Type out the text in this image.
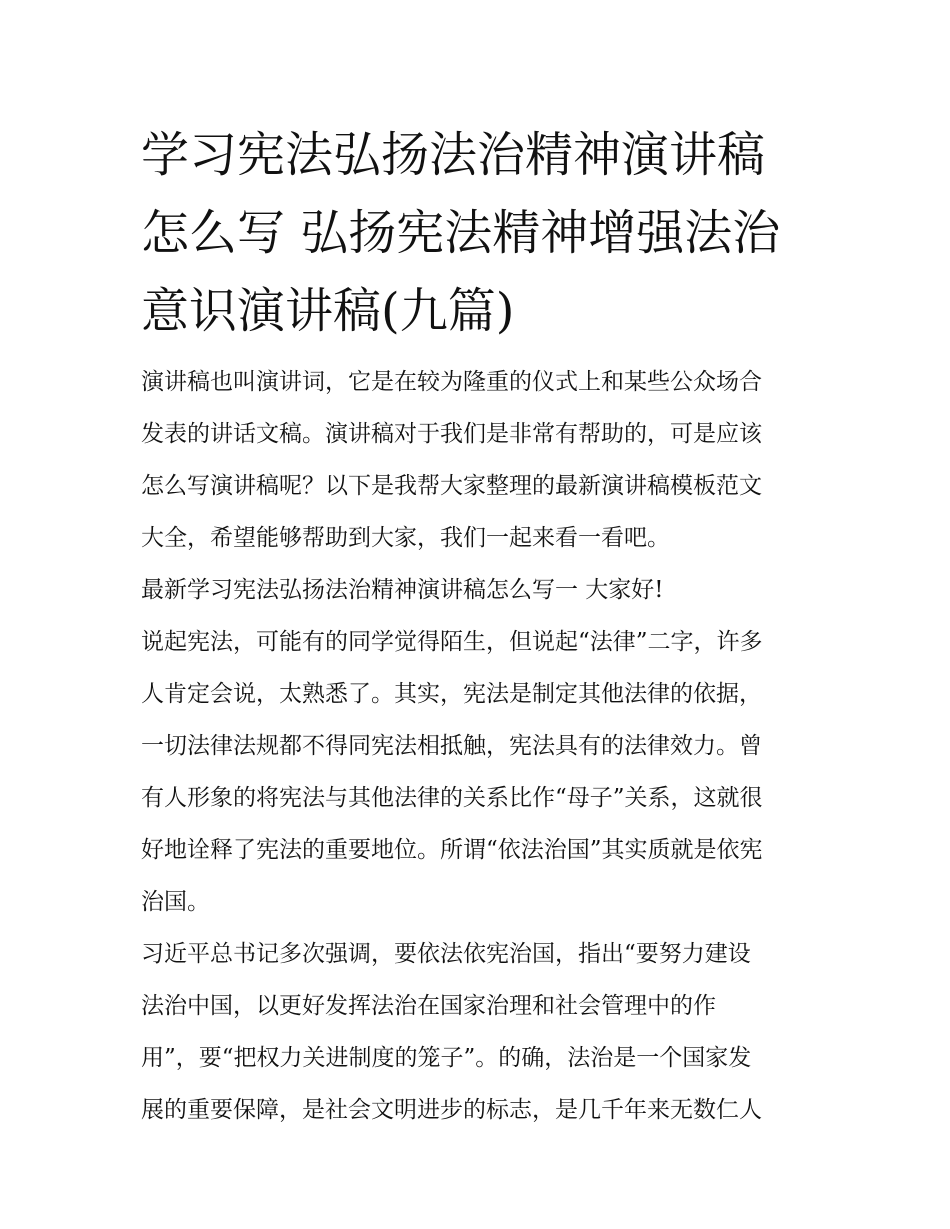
学习宪法弘扬法治精神演讲稿
怎么写 弘扬宪法精神增强法治
意识演讲稿(九篇)

演讲稿也叫演讲词，它是在较为隆重的仪式上和某些公众场合
发表的讲话文稿。演讲稿对于我们是非常有帮助的，可是应该
怎么写演讲稿呢？以下是我帮大家整理的最新演讲稿模板范文
大全，希望能够帮助到大家，我们一起来看一看吧。

最新学习宪法弘扬法治精神演讲稿怎么写一 大家好!

说起宪法，可能有的同学觉得陌生，但说起“法律”二字，许多
人肯定会说，太熟悉了。其实，宪法是制定其他法律的依据，
一切法律法规都不得同宪法相抵触，宪法具有的法律效力。曾
有人形象的将宪法与其他法律的关系比作“母子”关系，这就很
好地诠释了宪法的重要地位。所谓“依法治国”其实质就是依宪
治国。

习近平总书记多次强调，要依法依宪治国，指出“要努力建设
法治中国，以更好发挥法治在国家治理和社会管理中的作
用”，要“把权力关进制度的笼子”。的确，法治是一个国家发
展的重要保障，是社会文明进步的标志，是几千年来无数仁人
